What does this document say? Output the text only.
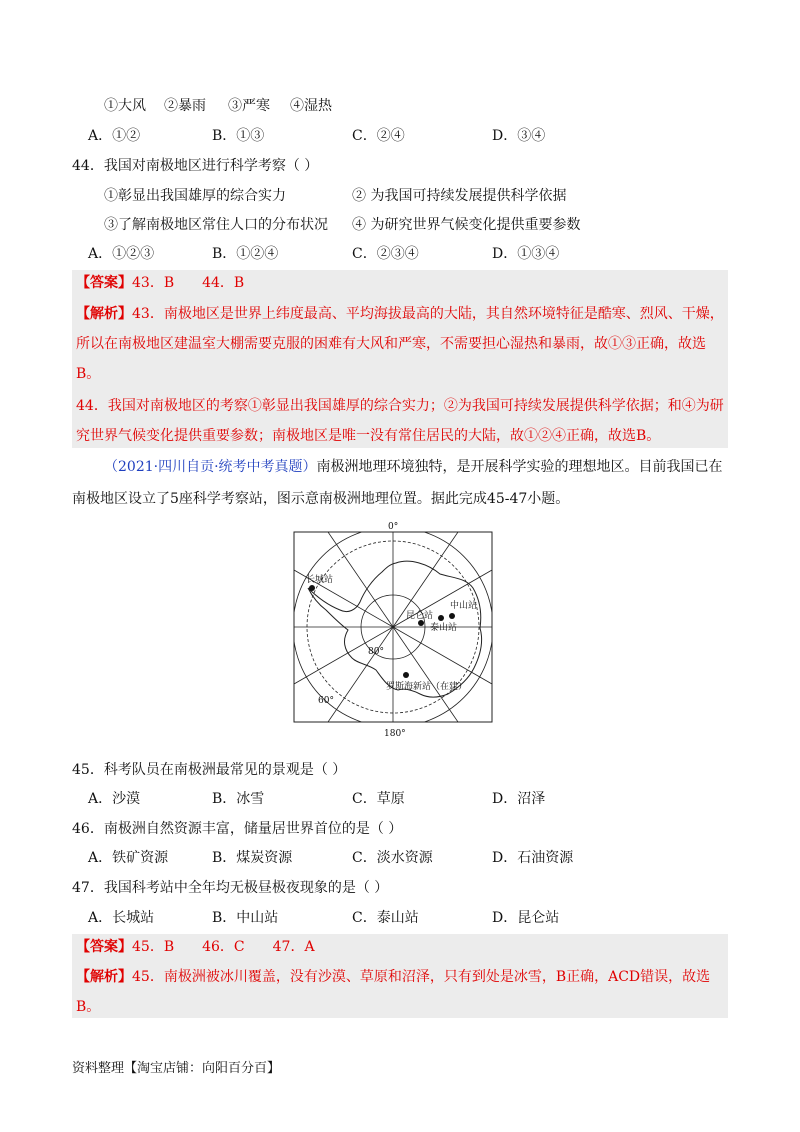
①大风 ②暴雨 ③严寒 ④湿热
A．①②	B．①③	C．②④	D．③④
44．我国对南极地区进行科学考察（ ）
①彰显出我国雄厚的综合实力	② 为我国可持续发展提供科学依据
③了解南极地区常住人口的分布状况 ④ 为研究世界气候变化提供重要参数
A．①②③	B．①②④	C．②③④	D．①③④
【答案】43．B　　44．B
【解析】43．南极地区是世界上纬度最高、平均海拔最高的大陆，其自然环境特征是酷寒、烈风、干燥，
所以在南极地区建温室大棚需要克服的困难有大风和严寒，不需要担心湿热和暴雨，故①③正确，故选
B。
44．我国对南极地区的考察①彰显出我国雄厚的综合实力；②为我国可持续发展提供科学依据；和④为研
究世界气候变化提供重要参数；南极地区是唯一没有常住居民的大陆，故①②④正确，故选B。
（2021·四川自贡·统考中考真题）南极洲地理环境独特，是开展科学实验的理想地区。目前我国已在
南极地区设立了5座科学考察站，图示意南极洲地理位置。据此完成45-47小题。
0°
180°
80°
60°
长城站
昆仑站
中山站
泰山站
罗斯海新站（在建）
45．科考队员在南极洲最常见的景观是（ ）
A．沙漠	B．冰雪	C．草原	D．沼泽
46．南极洲自然资源丰富，储量居世界首位的是（ ）
A．铁矿资源	B．煤炭资源	C．淡水资源	D．石油资源
47．我国科考站中全年均无极昼极夜现象的是（ ）
A．长城站	B．中山站	C．泰山站	D．昆仑站
【答案】45．B　　46．C　　47．A
【解析】45．南极洲被冰川覆盖，没有沙漠、草原和沼泽，只有到处是冰雪，B正确，ACD错误，故选
B。
资料整理【淘宝店铺：向阳百分百】
